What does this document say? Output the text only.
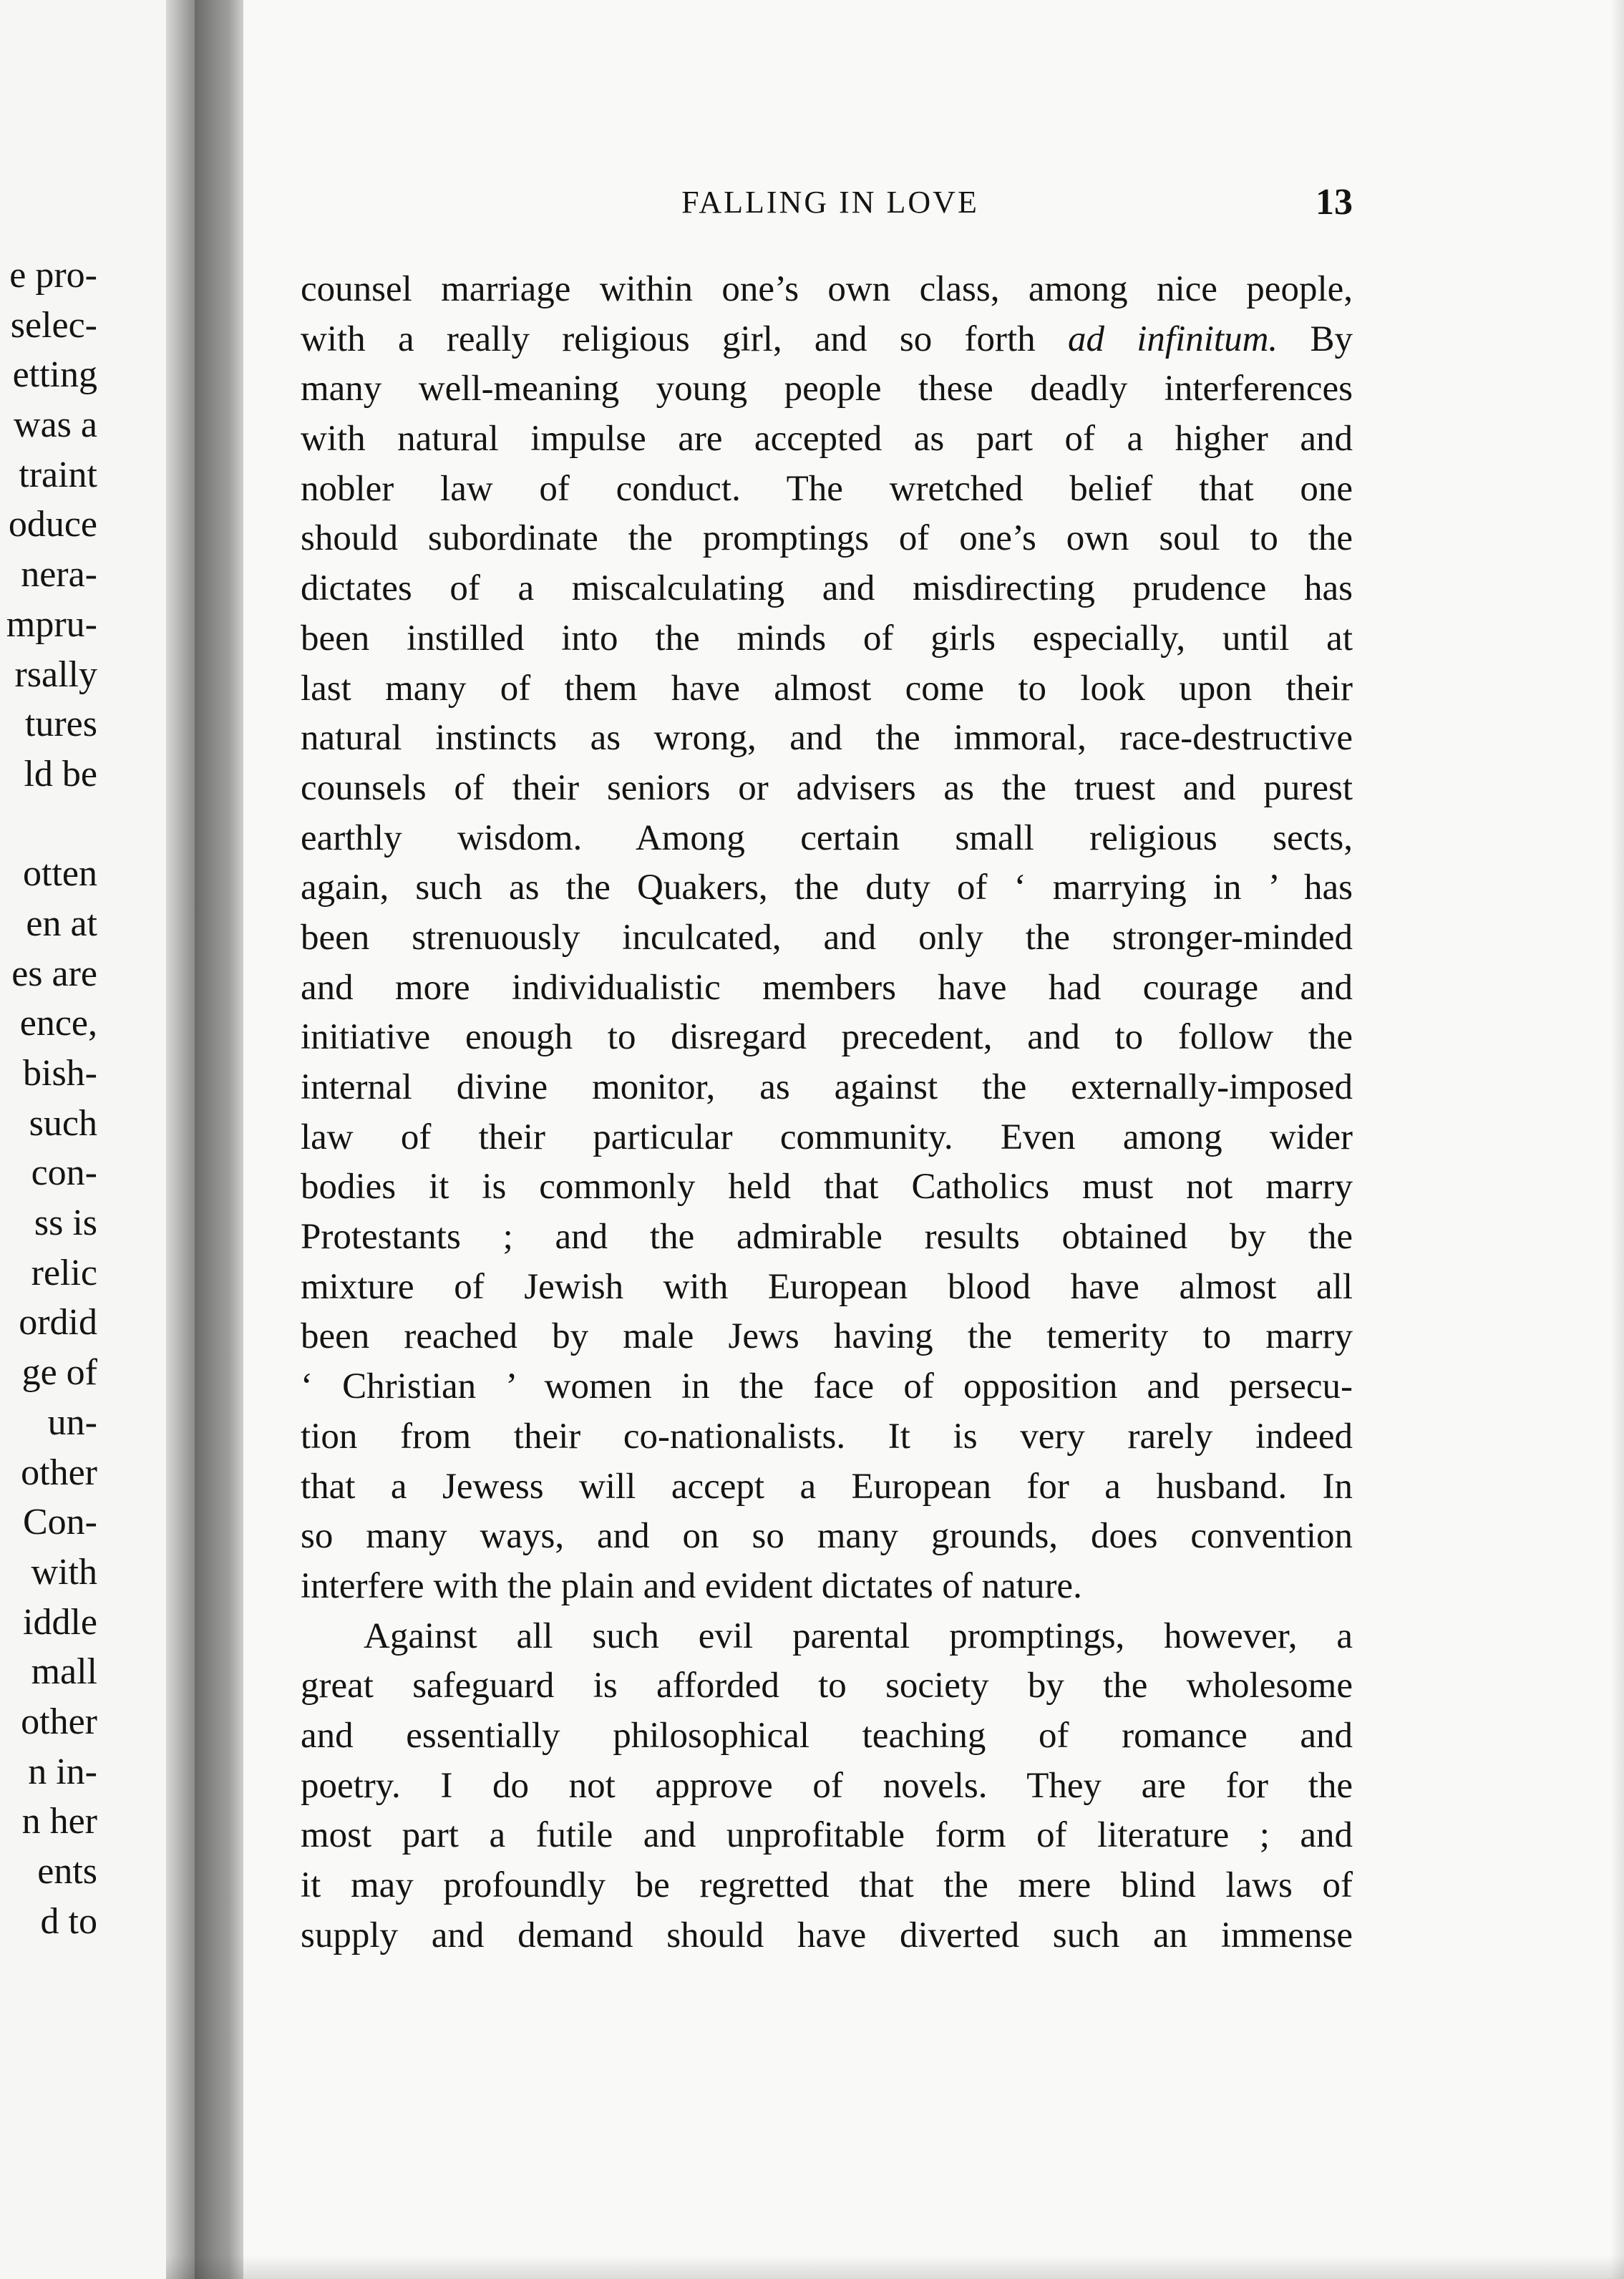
e pro-
selec-
etting
was a
traint
oduce
nera-
mpru-
rsally
tures
ld be
otten
en at
es are
ence,
bish-
such
con-
ss is
relic
ordid
ge of
un-
other
Con-
with
iddle
mall
other
n in-
n her
ents
d to
FALLING IN LOVE	13
counsel marriage within one’s own class, among nice people,
with a really religious girl, and so forth ad infinitum. By
many well-meaning young people these deadly interferences
with natural impulse are accepted as part of a higher and
nobler law of conduct. The wretched belief that one
should subordinate the promptings of one’s own soul to the
dictates of a miscalculating and misdirecting prudence has
been instilled into the minds of girls especially, until at
last many of them have almost come to look upon their
natural instincts as wrong, and the immoral, race-destructive
counsels of their seniors or advisers as the truest and purest
earthly wisdom. Among certain small religious sects,
again, such as the Quakers, the duty of ‘ marrying in ’ has
been strenuously inculcated, and only the stronger-minded
and more individualistic members have had courage and
initiative enough to disregard precedent, and to follow the
internal divine monitor, as against the externally-imposed
law of their particular community. Even among wider
bodies it is commonly held that Catholics must not marry
Protestants ; and the admirable results obtained by the
mixture of Jewish with European blood have almost all
been reached by male Jews having the temerity to marry
‘ Christian ’ women in the face of opposition and persecu-
tion from their co-nationalists. It is very rarely indeed
that a Jewess will accept a European for a husband. In
so many ways, and on so many grounds, does convention
interfere with the plain and evident dictates of nature.
Against all such evil parental promptings, however, a
great safeguard is afforded to society by the wholesome
and essentially philosophical teaching of romance and
poetry. I do not approve of novels. They are for the
most part a futile and unprofitable form of literature ; and
it may profoundly be regretted that the mere blind laws of
supply and demand should have diverted such an immense
